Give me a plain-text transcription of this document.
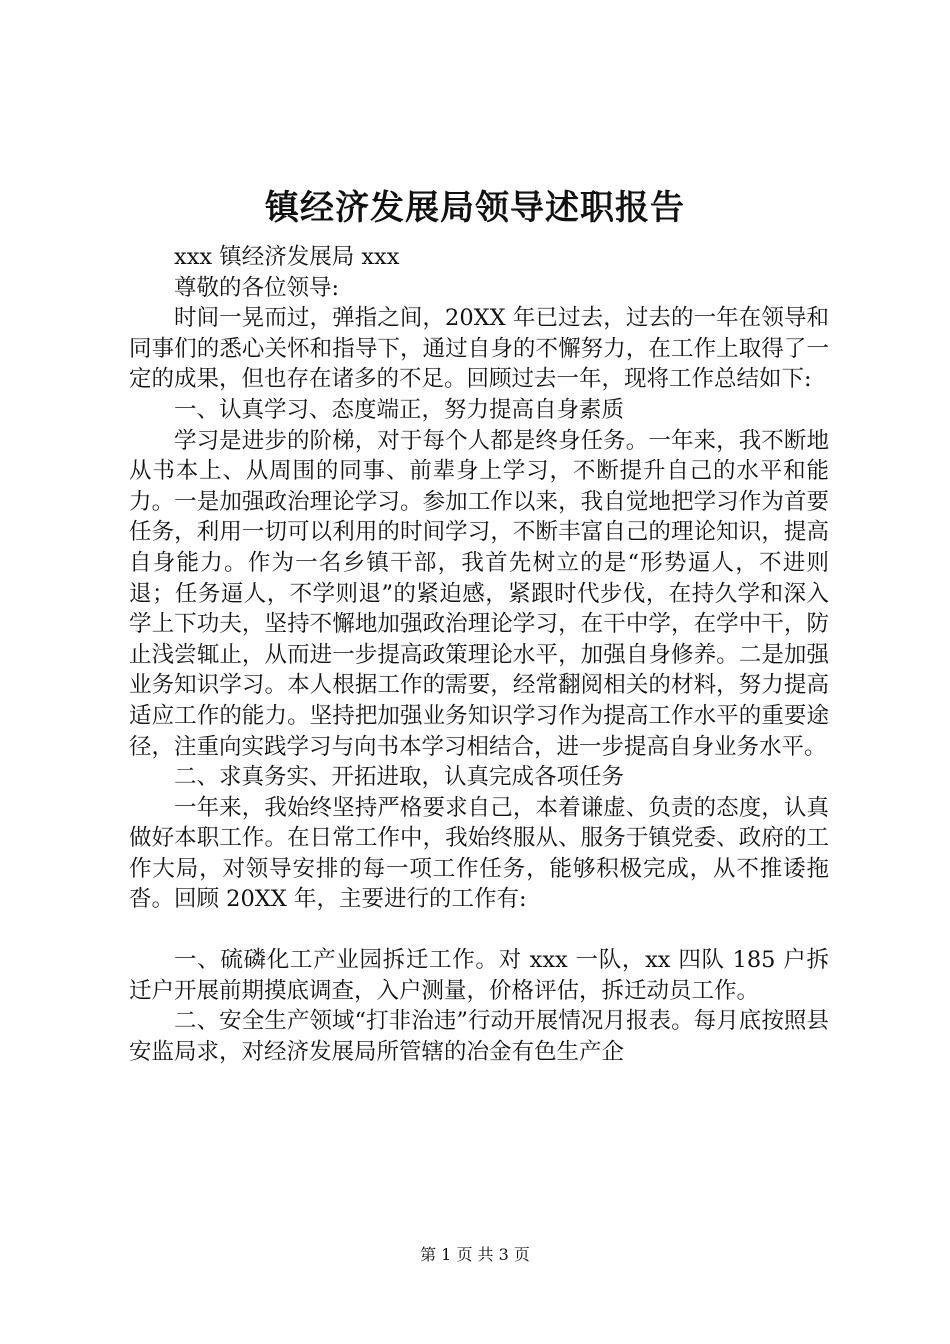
镇经济发展局领导述职报告

xxx 镇经济发展局 xxx

尊敬的各位领导:

时间一晃而过，弹指之间，20XX 年已过去，过去的一年在领导和同事们的悉心关怀和指导下，通过自身的不懈努力，在工作上取得了一定的成果，但也存在诸多的不足。回顾过去一年，现将工作总结如下:

一、认真学习、态度端正，努力提高自身素质

学习是进步的阶梯，对于每个人都是终身任务。一年来，我不断地从书本上、从周围的同事、前辈身上学习，不断提升自己的水平和能力。一是加强政治理论学习。参加工作以来，我自觉地把学习作为首要任务，利用一切可以利用的时间学习，不断丰富自己的理论知识，提高自身能力。作为一名乡镇干部，我首先树立的是“形势逼人，不进则退；任务逼人，不学则退”的紧迫感，紧跟时代步伐，在持久学和深入学上下功夫，坚持不懈地加强政治理论学习，在干中学，在学中干，防止浅尝辄止，从而进一步提高政策理论水平，加强自身修养。二是加强业务知识学习。本人根据工作的需要，经常翻阅相关的材料，努力提高适应工作的能力。坚持把加强业务知识学习作为提高工作水平的重要途径，注重向实践学习与向书本学习相结合，进一步提高自身业务水平。

二、求真务实、开拓进取，认真完成各项任务

一年来，我始终坚持严格要求自己，本着谦虚、负责的态度，认真做好本职工作。在日常工作中，我始终服从、服务于镇党委、政府的工作大局，对领导安排的每一项工作任务，能够积极完成，从不推诿拖沓。回顾 20XX 年，主要进行的工作有:

一、硫磷化工产业园拆迁工作。对 xxx 一队，xx 四队 185 户拆迁户开展前期摸底调查，入户测量，价格评估，拆迁动员工作。

二、安全生产领域“打非治违”行动开展情况月报表。每月底按照县安监局求，对经济发展局所管辖的冶金有色生产企

第 1 页 共 3 页
